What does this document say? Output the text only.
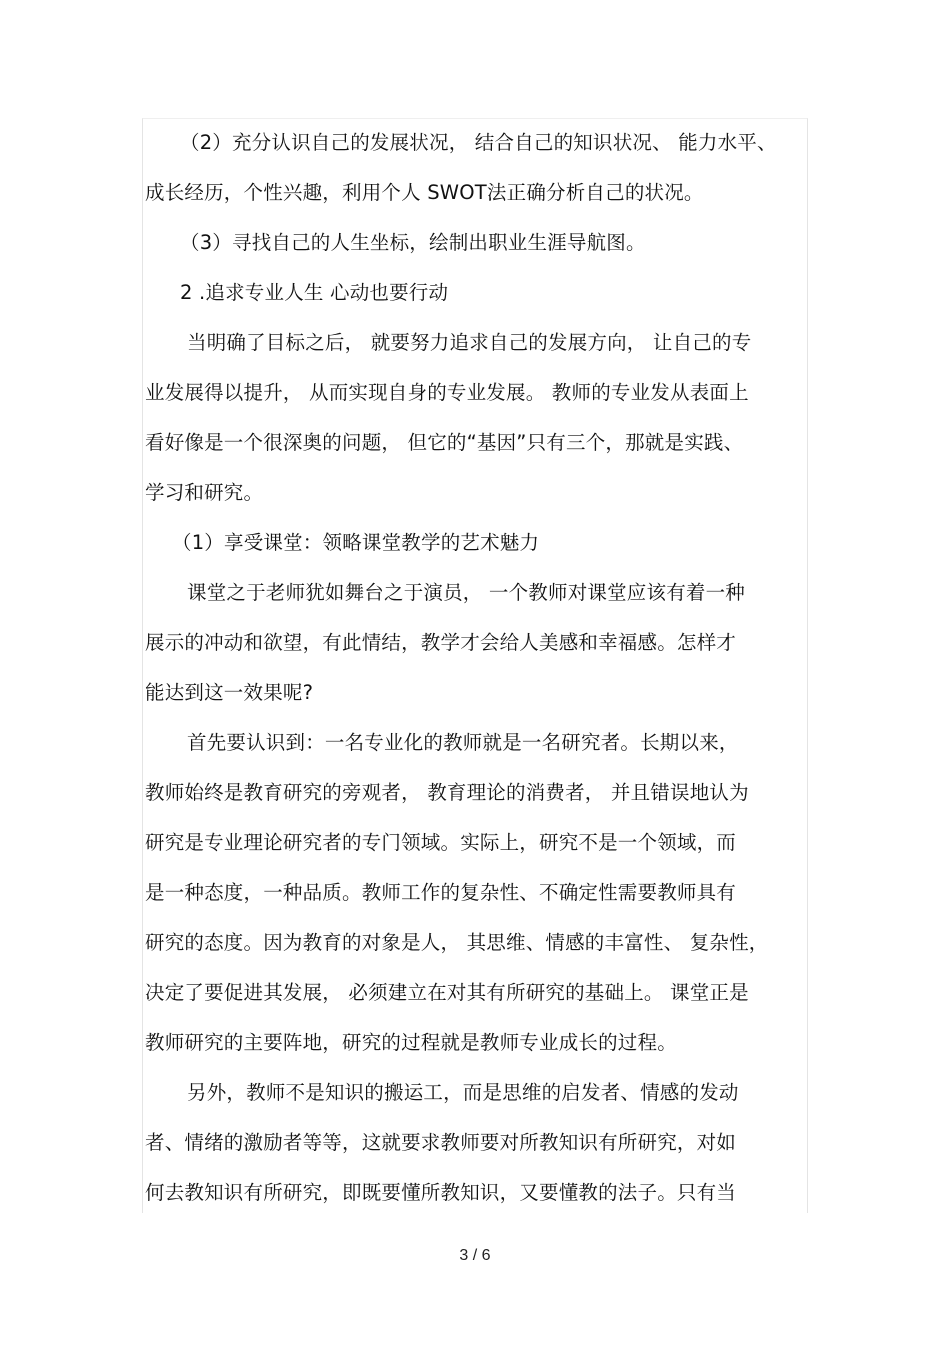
（2）充分认识自己的发展状况， 结合自己的知识状况、 能力水平、
成长经历，个性兴趣，利用个人 SWOT法正确分析自己的状况。
（3）寻找自己的人生坐标，绘制出职业生涯导航图。
2 .追求专业人生 心动也要行动
当明确了目标之后， 就要努力追求自己的发展方向， 让自己的专
业发展得以提升， 从而实现自身的专业发展。 教师的专业发从表面上
看好像是一个很深奥的问题， 但它的“基因”只有三个，那就是实践、
学习和研究。
（1）享受课堂：领略课堂教学的艺术魅力
课堂之于老师犹如舞台之于演员， 一个教师对课堂应该有着一种
展示的冲动和欲望，有此情结，教学才会给人美感和幸福感。怎样才
能达到这一效果呢?
首先要认识到：一名专业化的教师就是一名研究者。长期以来，
教师始终是教育研究的旁观者， 教育理论的消费者， 并且错误地认为
研究是专业理论研究者的专门领域。实际上，研究不是一个领域，而
是一种态度，一种品质。教师工作的复杂性、不确定性需要教师具有
研究的态度。因为教育的对象是人， 其思维、情感的丰富性、 复杂性，
决定了要促进其发展， 必须建立在对其有所研究的基础上。 课堂正是
教师研究的主要阵地，研究的过程就是教师专业成长的过程。
另外，教师不是知识的搬运工，而是思维的启发者、情感的发动
者、情绪的激励者等等，这就要求教师要对所教知识有所研究，对如
何去教知识有所研究，即既要懂所教知识，又要懂教的法子。只有当
3 / 6
